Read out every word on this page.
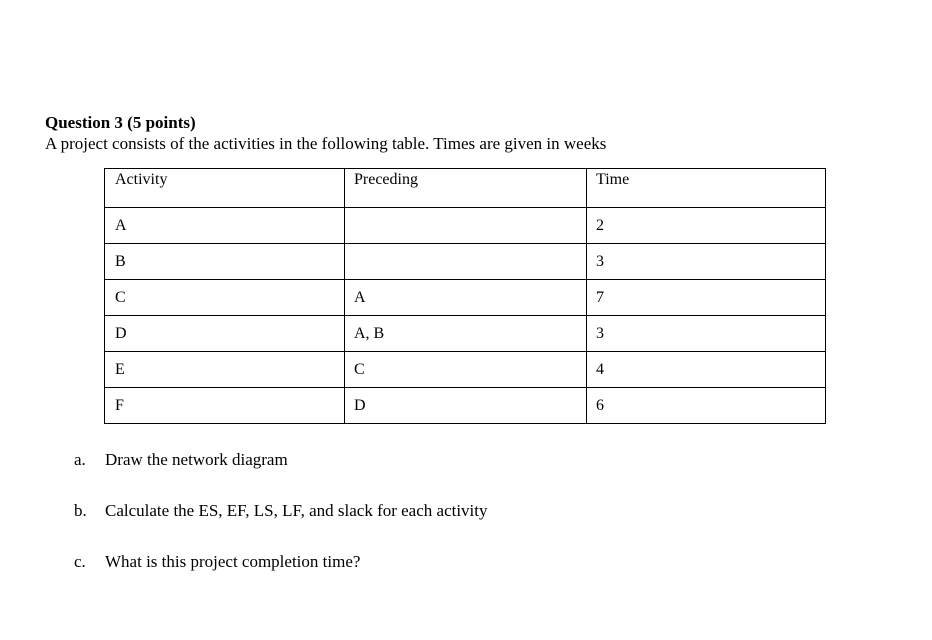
Question 3 (5 points)
A project consists of the activities in the following table. Times are given in weeks
Activity	Preceding	Time
A		2
B		3
C	A	7
D	A, B	3
E	C	4
F	D	6
a. Draw the network diagram
b. Calculate the ES, EF, LS, LF, and slack for each activity
c. What is this project completion time?
